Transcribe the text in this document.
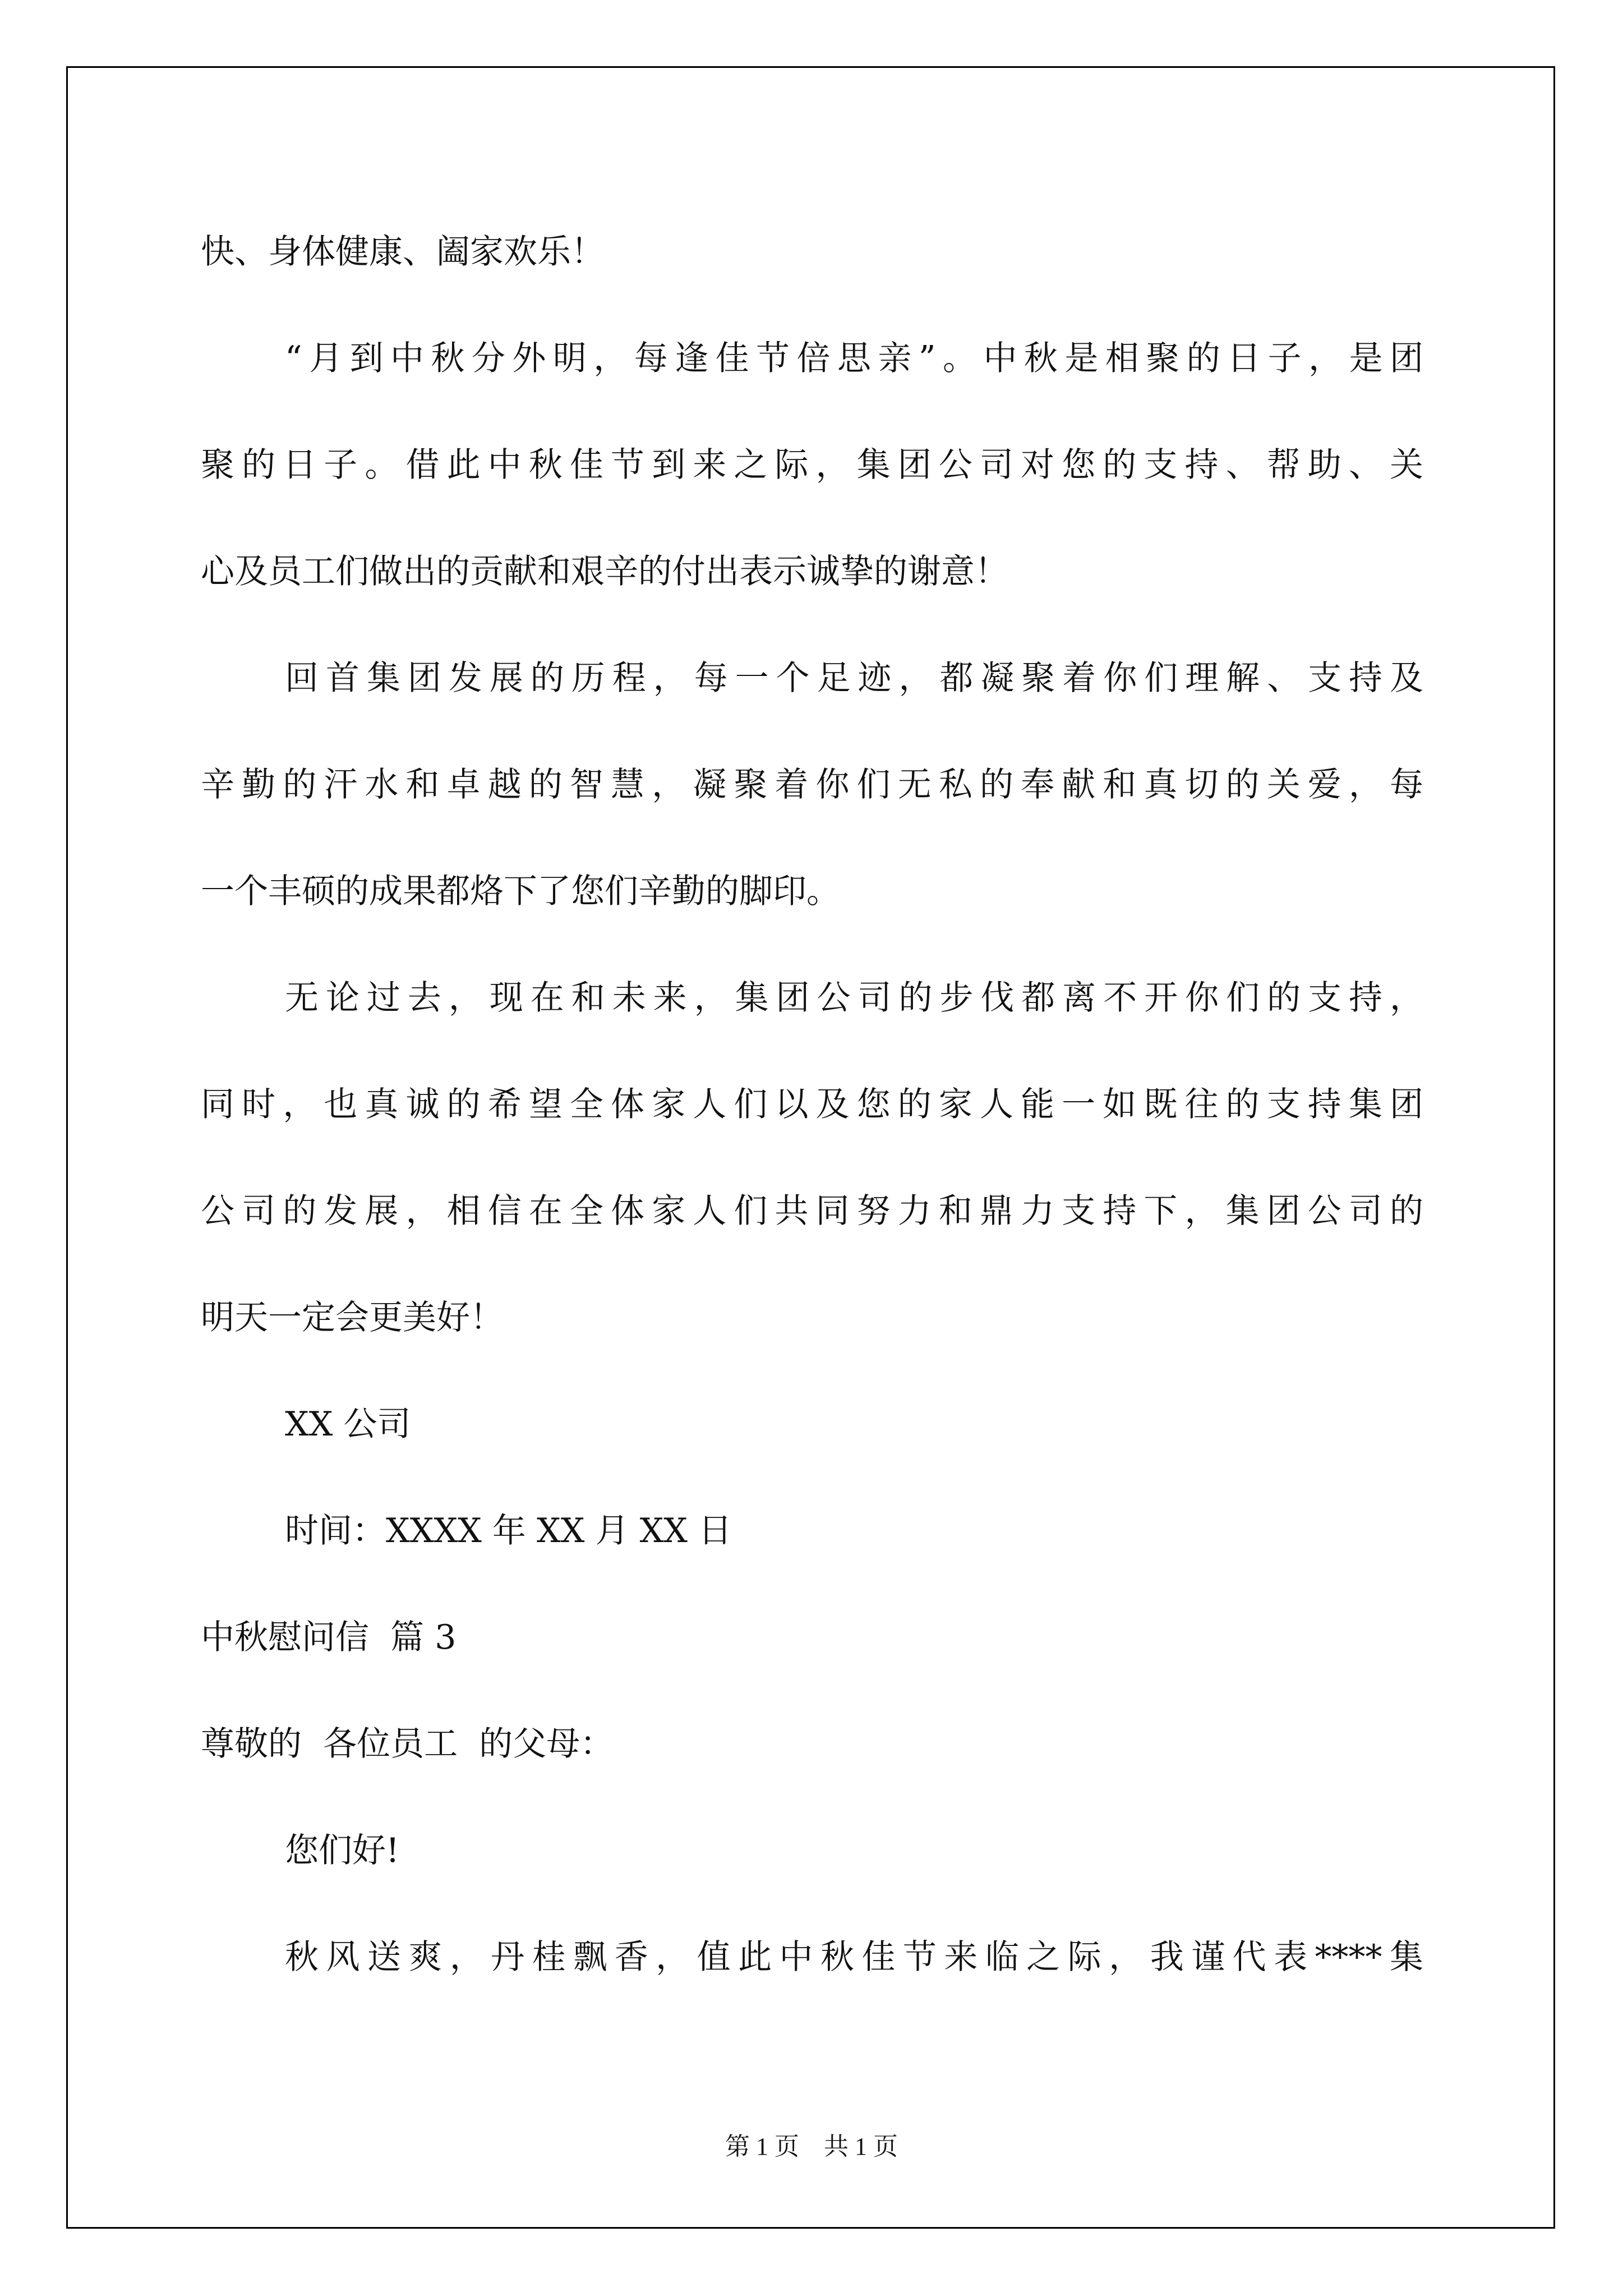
快、身体健康、阖家欢乐！
“月到中秋分外明，每逢佳节倍思亲”。中秋是相聚的日子，是团
聚的日子。借此中秋佳节到来之际，集团公司对您的支持、帮助、关
心及员工们做出的贡献和艰辛的付出表示诚挚的谢意！
回首集团发展的历程，每一个足迹，都凝聚着你们理解、支持及
辛勤的汗水和卓越的智慧，凝聚着你们无私的奉献和真切的关爱，每
一个丰硕的成果都烙下了您们辛勤的脚印。
无论过去，现在和未来，集团公司的步伐都离不开你们的支持，
同时，也真诚的希望全体家人们以及您的家人能一如既往的支持集团
公司的发展，相信在全体家人们共同努力和鼎力支持下，集团公司的
明天一定会更美好！
XX 公司
时间：XXXX 年 XX 月 XX 日
中秋慰问信  篇 3
尊敬的  各位员工  的父母：
您们好!
秋风送爽，丹桂飘香，值此中秋佳节来临之际，我谨代表****集
第 1 页　共 1 页
